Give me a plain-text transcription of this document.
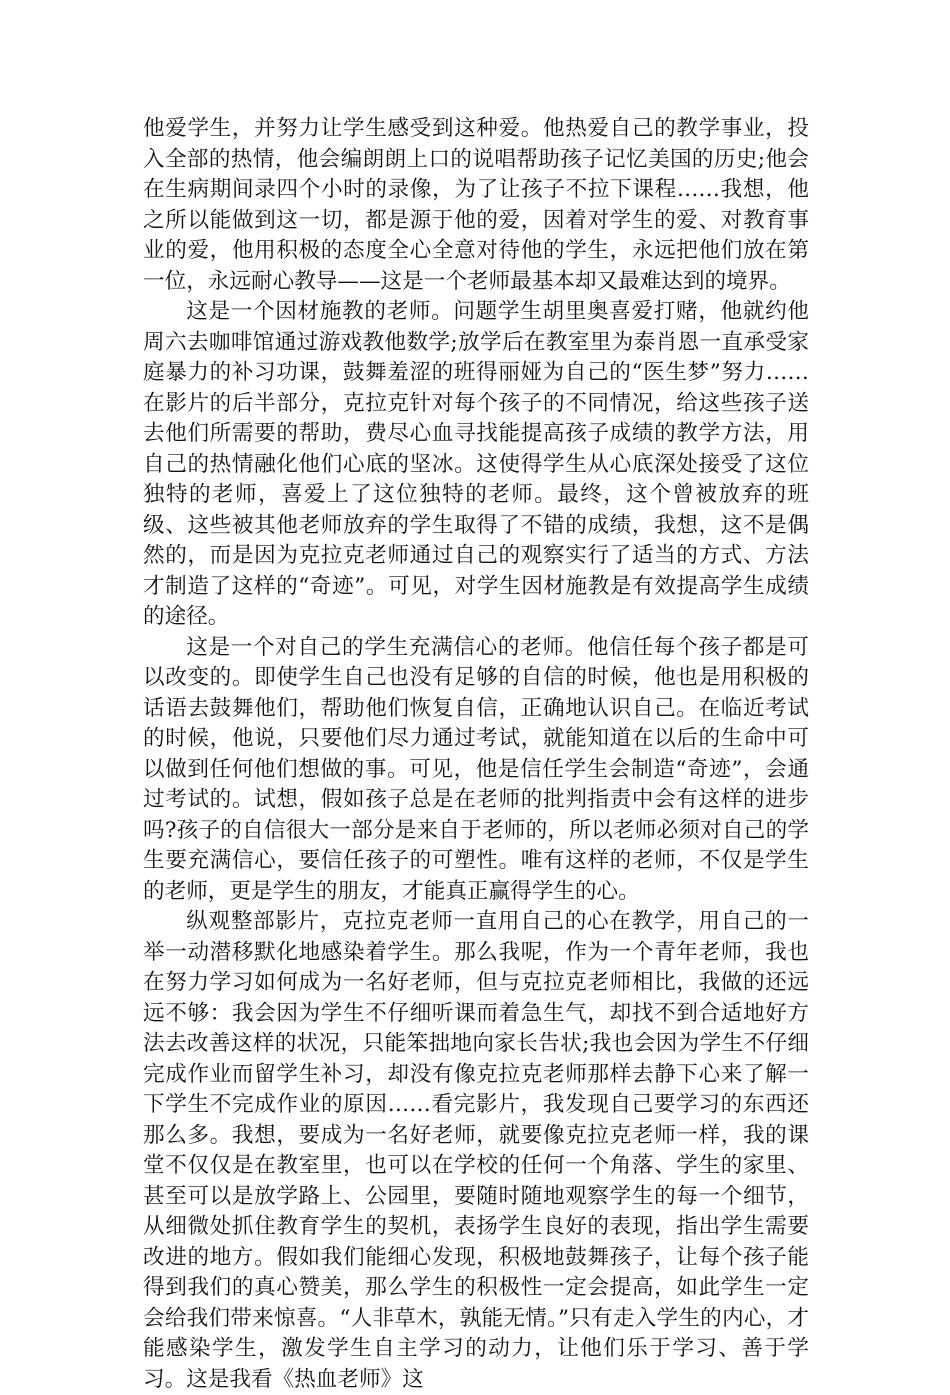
他爱学生，并努力让学生感受到这种爱。他热爱自己的教学事业，投入全部的热情，他会编朗朗上口的说唱帮助孩子记忆美国的历史;他会在生病期间录四个小时的录像，为了让孩子不拉下课程……我想，他之所以能做到这一切，都是源于他的爱，因着对学生的爱、对教育事业的爱，他用积极的态度全心全意对待他的学生，永远把他们放在第一位，永远耐心教导——这是一个老师最基本却又最难达到的境界。

这是一个因材施教的老师。问题学生胡里奥喜爱打赌，他就约他周六去咖啡馆通过游戏教他数学;放学后在教室里为泰肖恩一直承受家庭暴力的补习功课，鼓舞羞涩的班得丽娅为自己的“医生梦”努力……在影片的后半部分，克拉克针对每个孩子的不同情况，给这些孩子送去他们所需要的帮助，费尽心血寻找能提高孩子成绩的教学方法，用自己的热情融化他们心底的坚冰。这使得学生从心底深处接受了这位独特的老师，喜爱上了这位独特的老师。最终，这个曾被放弃的班级、这些被其他老师放弃的学生取得了不错的成绩，我想，这不是偶然的，而是因为克拉克老师通过自己的观察实行了适当的方式、方法才制造了这样的“奇迹”。可见，对学生因材施教是有效提高学生成绩的途径。

这是一个对自己的学生充满信心的老师。他信任每个孩子都是可以改变的。即使学生自己也没有足够的自信的时候，他也是用积极的话语去鼓舞他们，帮助他们恢复自信，正确地认识自己。在临近考试的时候，他说，只要他们尽力通过考试，就能知道在以后的生命中可以做到任何他们想做的事。可见，他是信任学生会制造“奇迹”，会通过考试的。试想，假如孩子总是在老师的批判指责中会有这样的进步吗?孩子的自信很大一部分是来自于老师的，所以老师必须对自己的学生要充满信心，要信任孩子的可塑性。唯有这样的老师，不仅是学生的老师，更是学生的朋友，才能真正赢得学生的心。

纵观整部影片，克拉克老师一直用自己的心在教学，用自己的一举一动潜移默化地感染着学生。那么我呢，作为一个青年老师，我也在努力学习如何成为一名好老师，但与克拉克老师相比，我做的还远远不够：我会因为学生不仔细听课而着急生气，却找不到合适地好方法去改善这样的状况，只能笨拙地向家长告状;我也会因为学生不仔细完成作业而留学生补习，却没有像克拉克老师那样去静下心来了解一下学生不完成作业的原因……看完影片，我发现自己要学习的东西还那么多。我想，要成为一名好老师，就要像克拉克老师一样，我的课堂不仅仅是在教室里，也可以在学校的任何一个角落、学生的家里、甚至可以是放学路上、公园里，要随时随地观察学生的每一个细节，从细微处抓住教育学生的契机，表扬学生良好的表现，指出学生需要改进的地方。假如我们能细心发现，积极地鼓舞孩子，让每个孩子能得到我们的真心赞美，那么学生的积极性一定会提高，如此学生一定会给我们带来惊喜。“人非草木，孰能无情。”只有走入学生的内心，才能感染学生，激发学生自主学习的动力，让他们乐于学习、善于学习。这是我看《热血老师》这
